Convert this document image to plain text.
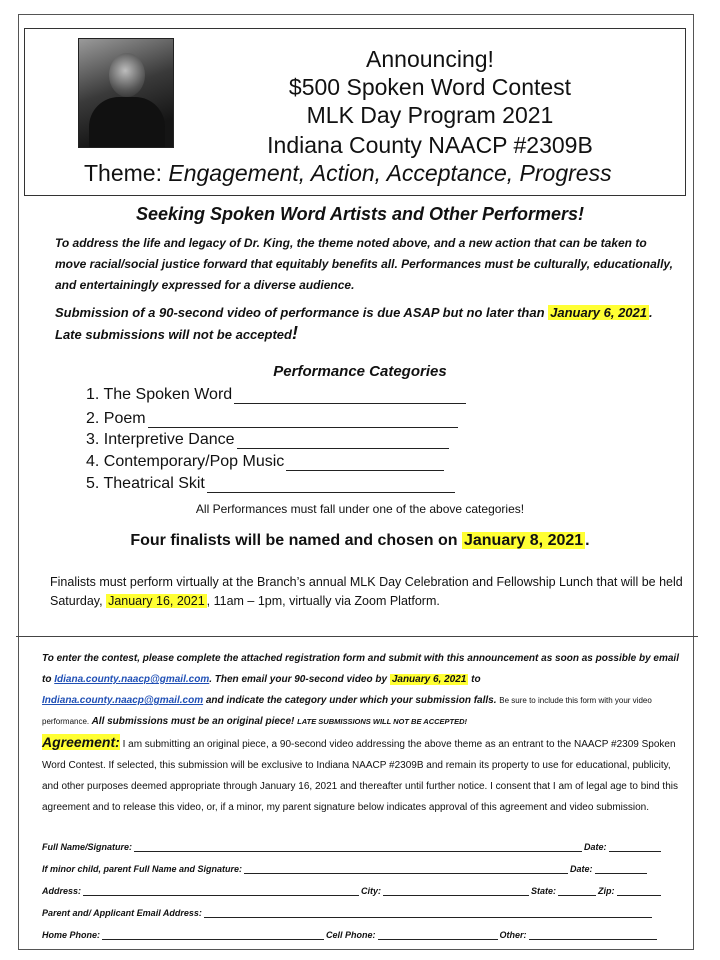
Announcing!
$500 Spoken Word Contest
MLK Day Program 2021
Indiana County NAACP #2309B
Theme: Engagement, Action, Acceptance, Progress
Seeking Spoken Word Artists and Other Performers!
To address the life and legacy of Dr. King, the theme noted above, and a new action that can be taken to move racial/social justice forward that equitably benefits all. Performances must be culturally, educationally, and entertainingly expressed for a diverse audience.
Submission of a 90-second video of performance is due ASAP but no later than January 6, 2021 . Late submissions will not be accepted!
Performance Categories
1. The Spoken Word
2. Poem
3. Interpretive Dance
4. Contemporary/Pop Music
5. Theatrical Skit
All Performances must fall under one of the above categories!
Four finalists will be named and chosen on January 8, 2021 .
Finalists must perform virtually at the Branch’s annual MLK Day Celebration and Fellowship Lunch that will be held Saturday, January 16, 2021 , 11am – 1pm, virtually via Zoom Platform.
To enter the contest, please complete the attached registration form and submit with this announcement as soon as possible by email to Idiana.county.naacp@gmail.com. Then email your 90-second video by January 6, 2021 to
Indiana.county.naacp@gmail.com and indicate the category under which your submission falls. Be sure to include this form with your video performance. All submissions must be an original piece! LATE SUBMISSIONS WILL NOT BE ACCEPTED!
Agreement: I am submitting an original piece, a 90-second video addressing the above theme as an entrant to the NAACP #2309 Spoken Word Contest. If selected, this submission will be exclusive to Indiana NAACP #2309B and remain its property to use for educational, publicity, and other purposes deemed appropriate through January 16, 2021 and thereafter until further notice. I consent that I am of legal age to bind this agreement and to release this video, or, if a minor, my parent signature below indicates approval of this agreement and video submission.
Full Name/Signature:	Date:
If minor child, parent Full Name and Signature:	Date:
Address:	City:	State:	Zip:
Parent and/ Applicant Email Address:
Home Phone:	Cell Phone:	Other:
